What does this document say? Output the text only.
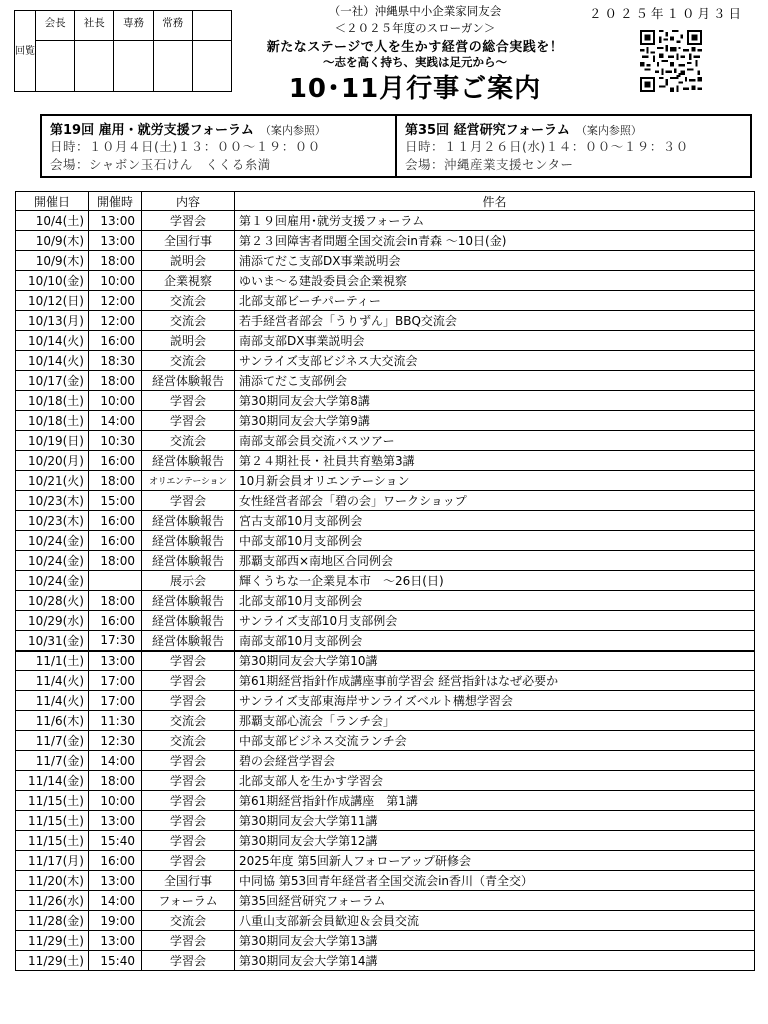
回覧
会長	社長	専務	常務
（一社）沖縄県中小企業家同友会
＜２０２５年度のスローガン＞
新たなステージで人を生かす経営の総合実践を！
～志を高く持ち、実践は足元から～
10･11月行事ご案内
２０２５年１０月３日
第19回 雇用・就労支援フォーラム （案内参照）
日時：１０月４日(土)１３：００～１９：００
会場：シャボン玉石けん　くくる糸満
第35回 経営研究フォーラム （案内参照）
日時：１１月２６日(水)１４：００～１９：３０
会場：沖縄産業支援センター
開催日	開催時	内容	件名
10/4(土)	13:00	学習会	第１９回雇用･就労支援フォーラム
10/9(木)	13:00	全国行事	第２３回障害者問題全国交流会in青森 ～10日(金)
10/9(木)	18:00	説明会	浦添てだこ支部DX事業説明会
10/10(金)	10:00	企業視察	ゆいま～る建設委員会企業視察
10/12(日)	12:00	交流会	北部支部ビーチパーティー
10/13(月)	12:00	交流会	若手経営者部会「うりずん」BBQ交流会
10/14(火)	16:00	説明会	南部支部DX事業説明会
10/14(火)	18:30	交流会	サンライズ支部ビジネス大交流会
10/17(金)	18:00	経営体験報告	浦添てだこ支部例会
10/18(土)	10:00	学習会	第30期同友会大学第8講
10/18(土)	14:00	学習会	第30期同友会大学第9講
10/19(日)	10:30	交流会	南部支部会員交流バスツアー
10/20(月)	16:00	経営体験報告	第２４期社長・社員共育塾第3講
10/21(火)	18:00	オリエンテーション	10月新会員オリエンテーション
10/23(木)	15:00	学習会	女性経営者部会「碧の会」ワークショップ
10/23(木)	16:00	経営体験報告	宮古支部10月支部例会
10/24(金)	16:00	経営体験報告	中部支部10月支部例会
10/24(金)	18:00	経営体験報告	那覇支部西×南地区合同例会
10/24(金)		展示会	輝くうちな一企業見本市　～26日(日)
10/28(火)	18:00	経営体験報告	北部支部10月支部例会
10/29(水)	16:00	経営体験報告	サンライズ支部10月支部例会
10/31(金)	17:30	経営体験報告	南部支部10月支部例会
11/1(土)	13:00	学習会	第30期同友会大学第10講
11/4(火)	17:00	学習会	第61期経営指針作成講座事前学習会 経営指針はなぜ必要か
11/4(火)	17:00	学習会	サンライズ支部東海岸サンライズベルト構想学習会
11/6(木)	11:30	交流会	那覇支部心流会「ランチ会」
11/7(金)	12:30	交流会	中部支部ビジネス交流ランチ会
11/7(金)	14:00	学習会	碧の会経営学習会
11/14(金)	18:00	学習会	北部支部人を生かす学習会
11/15(土)	10:00	学習会	第61期経営指針作成講座　第1講
11/15(土)	13:00	学習会	第30期同友会大学第11講
11/15(土)	15:40	学習会	第30期同友会大学第12講
11/17(月)	16:00	学習会	2025年度 第5回新人フォローアップ研修会
11/20(木)	13:00	全国行事	中同協 第53回青年経営者全国交流会in香川（青全交）
11/26(水)	14:00	フォーラム	第35回経営研究フォーラム
11/28(金)	19:00	交流会	八重山支部新会員歓迎＆会員交流
11/29(土)	13:00	学習会	第30期同友会大学第13講
11/29(土)	15:40	学習会	第30期同友会大学第14講
